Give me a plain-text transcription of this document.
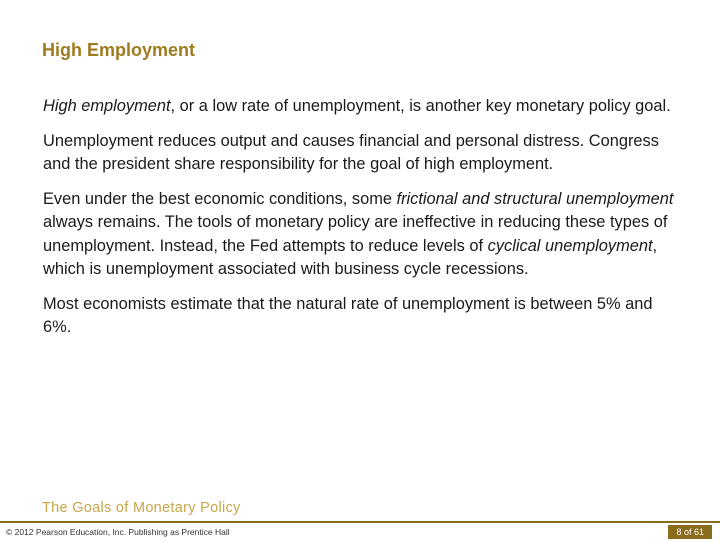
High Employment

High employment, or a low rate of unemployment, is another key monetary policy goal.

Unemployment reduces output and causes financial and personal distress. Congress and the president share responsibility for the goal of high employment.

Even under the best economic conditions, some frictional and structural unemployment always remains. The tools of monetary policy are ineffective in reducing these types of unemployment. Instead, the Fed attempts to reduce levels of cyclical unemployment, which is unemployment associated with business cycle recessions.

Most economists estimate that the natural rate of unemployment is between 5% and 6%.

The Goals of Monetary Policy
© 2012 Pearson Education, Inc. Publishing as Prentice Hall	8 of 61
